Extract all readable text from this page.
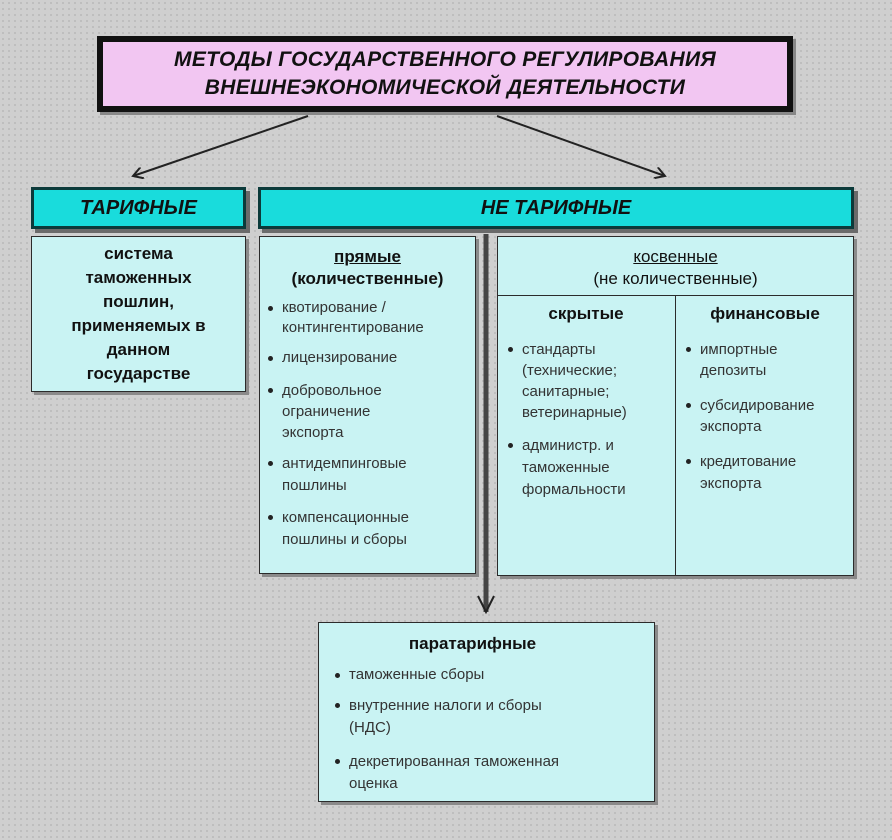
МЕТОДЫ ГОСУДАРСТВЕННОГО РЕГУЛИРОВАНИЯ
ВНЕШНЕЭКОНОМИЧЕСКОЙ ДЕЯТЕЛЬНОСТИ
ТАРИФНЫЕ	НЕ ТАРИФНЫЕ
система
таможенных
пошлин,
применяемых в
данном
государстве
прямые
(количественные)
квотирование /
контингентирование
лицензирование
добровольное
ограничение
экспорта
антидемпинговые
пошлины
компенсационные
пошлины и сборы
косвенные
(не количественные)
скрытые
стандарты
(технические;
санитарные;
ветеринарные)
администр. и
таможенные
формальности
финансовые
импортные
депозиты
субсидирование
экспорта
кредитование
экспорта
паратарифные
таможенные сборы
внутренние налоги и сборы
(НДС)
декретированная таможенная
оценка
